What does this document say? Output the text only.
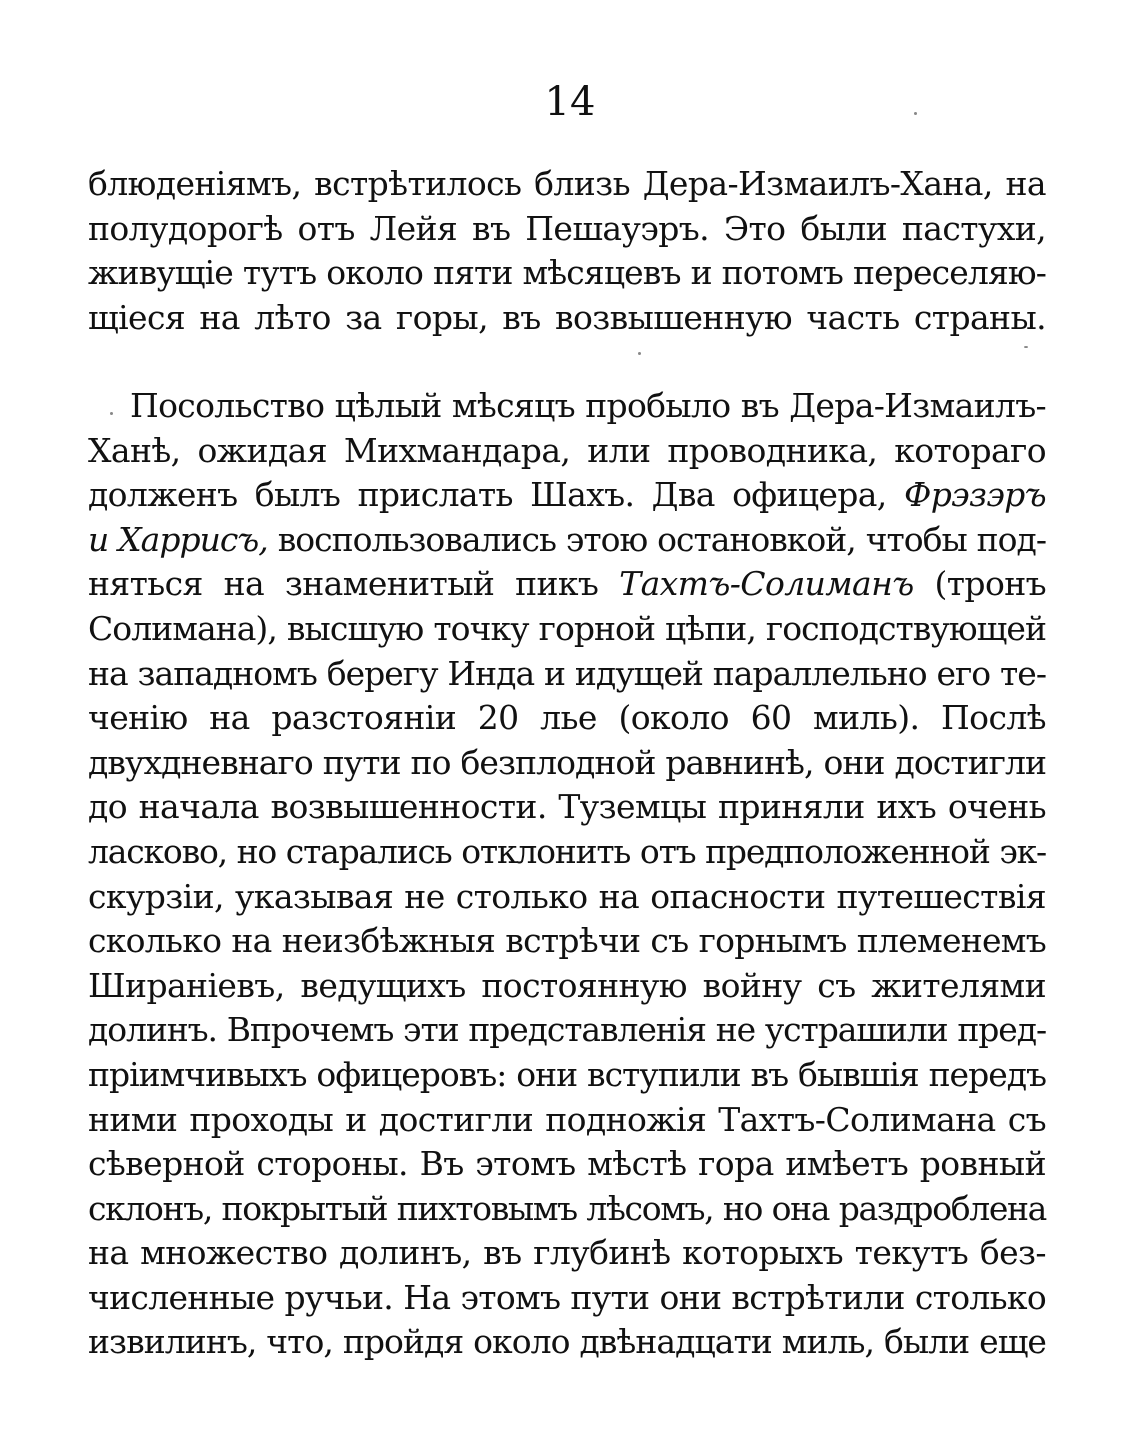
14
блюденіямъ, встрѣтилось близь Дера-Измаилъ-Хана, на
полудорогѣ отъ Лейя въ Пешауэръ. Это были пастухи,
живущіе тутъ около пяти мѣсяцевъ и потомъ переселяю-
щіеся на лѣто за горы, въ возвышенную часть страны.
Посольство цѣлый мѣсяцъ пробыло въ Дера-Измаилъ-
Ханѣ, ожидая Михмандара, или проводника, котораго
долженъ былъ прислать Шахъ. Два офицера, Фрэзэръ
и Харрисъ, воспользовались этою остановкой, чтобы под-
няться на знаменитый пикъ Тахтъ-Солиманъ (тронъ
Солимана), высшую точку горной цѣпи, господствующей
на западномъ берегу Инда и идущей параллельно его те-
ченію на разстояніи 20 лье (около 60 миль). Послѣ
двухдневнаго пути по безплодной равнинѣ, они достигли
до начала возвышенности. Туземцы приняли ихъ очень
ласково, но старались отклонить отъ предположенной эк-
скурзіи, указывая не столько на опасности путешествія
сколько на неизбѣжныя встрѣчи съ горнымъ племенемъ
Шираніевъ, ведущихъ постоянную войну съ жителями
долинъ. Впрочемъ эти представленія не устрашили пред-
пріимчивыхъ офицеровъ: они вступили въ бывшія передъ
ними проходы и достигли подножія Тахтъ-Солимана съ
сѣверной стороны. Въ этомъ мѣстѣ гора имѣетъ ровный
склонъ, покрытый пихтовымъ лѣсомъ, но она раздроблена
на множество долинъ, въ глубинѣ которыхъ текутъ без-
численные ручьи. На этомъ пути они встрѣтили столько
извилинъ, что, пройдя около двѣнадцати миль, были еще
